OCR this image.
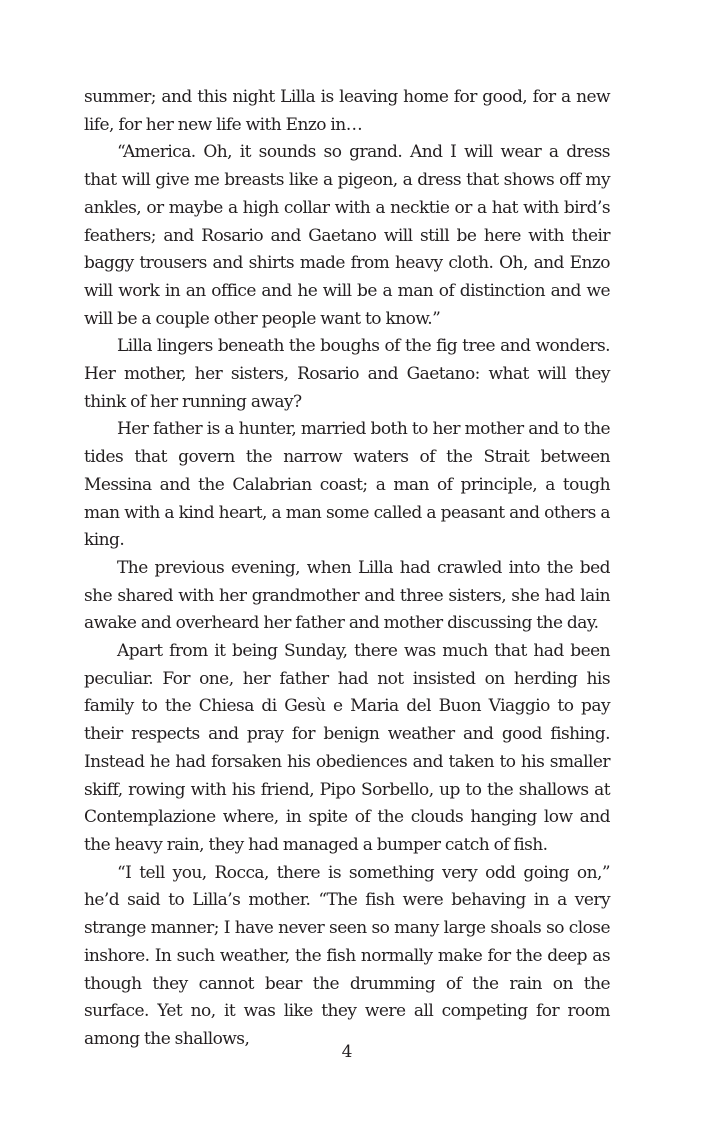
summer; and this night Lilla is leaving home for good, for a new life, for her new life with Enzo in…

“America. Oh, it sounds so grand. And I will wear a dress that will give me breasts like a pigeon, a dress that shows off my ankles, or maybe a high collar with a necktie or a hat with bird’s feathers; and Rosario and Gaetano will still be here with their baggy trousers and shirts made from heavy cloth. Oh, and Enzo will work in an office and he will be a man of distinction and we will be a couple other people want to know.”

Lilla lingers beneath the boughs of the fig tree and wonders. Her mother, her sisters, Rosario and Gaetano: what will they think of her running away?

Her father is a hunter, married both to her mother and to the tides that govern the narrow waters of the Strait between Messina and the Calabrian coast; a man of principle, a tough man with a kind heart, a man some called a peasant and others a king.

The previous evening, when Lilla had crawled into the bed she shared with her grandmother and three sisters, she had lain awake and overheard her father and mother discussing the day.

Apart from it being Sunday, there was much that had been peculiar. For one, her father had not insisted on herding his family to the Chiesa di Gesù e Maria del Buon Viaggio to pay their respects and pray for benign weather and good fishing. Instead he had forsaken his obediences and taken to his smaller skiff, rowing with his friend, Pipo Sorbello, up to the shallows at Contemplazione where, in spite of the clouds hanging low and the heavy rain, they had managed a bumper catch of fish.

“I tell you, Rocca, there is something very odd going on,” he’d said to Lilla’s mother. “The fish were behaving in a very strange manner; I have never seen so many large shoals so close inshore. In such weather, the fish normally make for the deep as though they cannot bear the drumming of the rain on the surface. Yet no, it was like they were all competing for room among the shallows,

4
